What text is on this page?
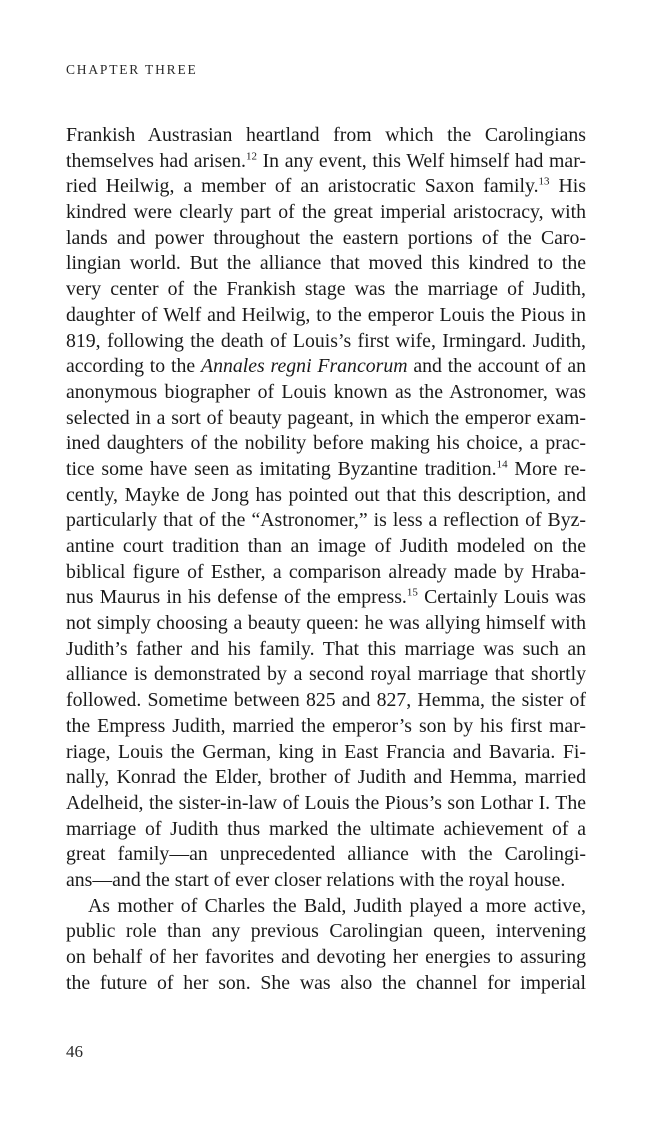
CHAPTER THREE
Frankish Austrasian heartland from which the Carolingians
themselves had arisen.$^{12}$ In any event, this Welf himself had mar-
ried Heilwig, a member of an aristocratic Saxon family.$^{13}$ His
kindred were clearly part of the great imperial aristocracy, with
lands and power throughout the eastern portions of the Caro-
lingian world. But the alliance that moved this kindred to the
very center of the Frankish stage was the marriage of Judith,
daughter of Welf and Heilwig, to the emperor Louis the Pious in
819, following the death of Louis’s first wife, Irmingard. Judith,
according to the Annales regni Francorum and the account of an
anonymous biographer of Louis known as the Astronomer, was
selected in a sort of beauty pageant, in which the emperor exam-
ined daughters of the nobility before making his choice, a prac-
tice some have seen as imitating Byzantine tradition.$^{14}$ More re-
cently, Mayke de Jong has pointed out that this description, and
particularly that of the “Astronomer,” is less a reflection of Byz-
antine court tradition than an image of Judith modeled on the
biblical figure of Esther, a comparison already made by Hraba-
nus Maurus in his defense of the empress.$^{15}$ Certainly Louis was
not simply choosing a beauty queen: he was allying himself with
Judith’s father and his family. That this marriage was such an
alliance is demonstrated by a second royal marriage that shortly
followed. Sometime between 825 and 827, Hemma, the sister of
the Empress Judith, married the emperor’s son by his first mar-
riage, Louis the German, king in East Francia and Bavaria. Fi-
nally, Konrad the Elder, brother of Judith and Hemma, married
Adelheid, the sister-in-law of Louis the Pious’s son Lothar I. The
marriage of Judith thus marked the ultimate achievement of a
great family—an unprecedented alliance with the Carolingi-
ans—and the start of ever closer relations with the royal house.
As mother of Charles the Bald, Judith played a more active,
public role than any previous Carolingian queen, intervening
on behalf of her favorites and devoting her energies to assuring
the future of her son. She was also the channel for imperial
46
